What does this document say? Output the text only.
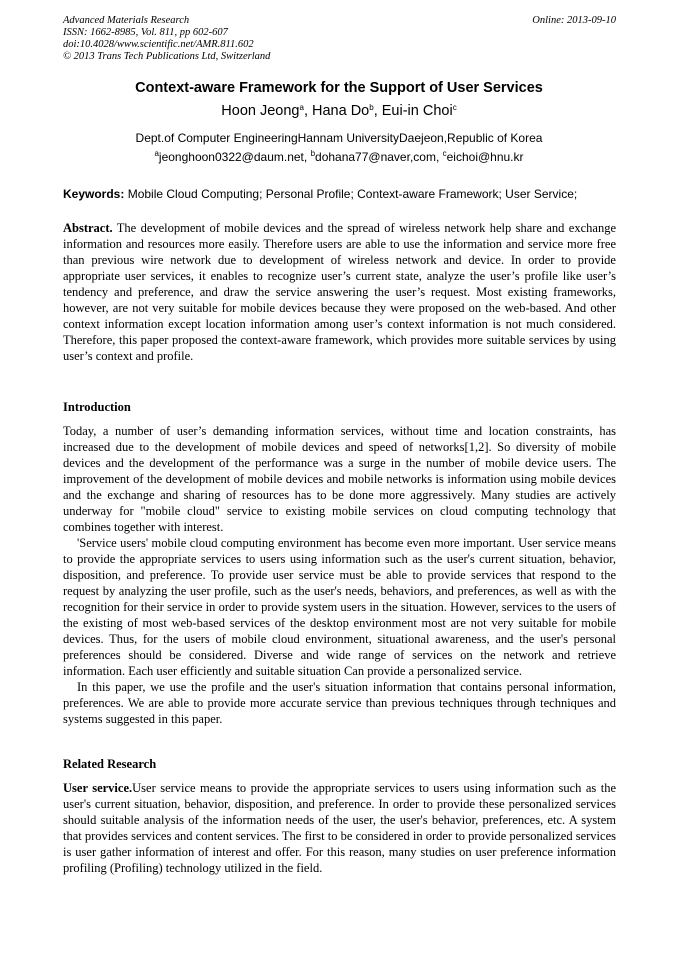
Advanced Materials Research
ISSN: 1662-8985, Vol. 811, pp 602-607
doi:10.4028/www.scientific.net/AMR.811.602
© 2013 Trans Tech Publications Ltd, Switzerland
Online: 2013-09-10
Context-aware Framework for the Support of User Services
Hoon Jeong$^a$, Hana Do$^b$, Eui-in Choi$^c$
Dept.of Computer EngineeringHannam UniversityDaejeon,Republic of Korea
$^a$jeonghoon0322@daum.net, $^b$dohana77@naver,com, $^c$eichoi@hnu.kr
Keywords: Mobile Cloud Computing; Personal Profile; Context-aware Framework; User Service;

Abstract. The development of mobile devices and the spread of wireless network help share and exchange information and resources more easily. Therefore users are able to use the information and service more free than previous wire network due to development of wireless network and device. In order to provide appropriate user services, it enables to recognize user’s current state, analyze the user’s profile like user’s tendency and preference, and draw the service answering the user’s request. Most existing frameworks, however, are not very suitable for mobile devices because they were proposed on the web-based. And other context information except location information among user’s context information is not much considered. Therefore, this paper proposed the context-aware framework, which provides more suitable services by using user’s context and profile.

Introduction

Today, a number of user’s demanding information services, without time and location constraints, has increased due to the development of mobile devices and speed of networks[1,2]. So diversity of mobile devices and the development of the performance was a surge in the number of mobile device users. The improvement of the development of mobile devices and mobile networks is information using mobile devices and the exchange and sharing of resources has to be done more aggressively. Many studies are actively underway for "mobile cloud" service to existing mobile services on cloud computing technology that combines together with interest.

'Service users' mobile cloud computing environment has become even more important. User service means to provide the appropriate services to users using information such as the user's current situation, behavior, disposition, and preference. To provide user service must be able to provide services that respond to the request by analyzing the user profile, such as the user's needs, behaviors, and preferences, as well as with the recognition for their service in order to provide system users in the situation. However, services to the users of the existing of most web-based services of the desktop environment most are not very suitable for mobile devices. Thus, for the users of mobile cloud environment, situational awareness, and the user's personal preferences should be considered. Diverse and wide range of services on the network and retrieve information. Each user efficiently and suitable situation Can provide a personalized service.

In this paper, we use the profile and the user's situation information that contains personal information, preferences. We are able to provide more accurate service than previous techniques through techniques and systems suggested in this paper.

Related Research

User service.User service means to provide the appropriate services to users using information such as the user's current situation, behavior, disposition, and preference. In order to provide these personalized services should suitable analysis of the information needs of the user, the user's behavior, preferences, etc. A system that provides services and content services. The first to be considered in order to provide personalized services is user gather information of interest and offer. For this reason, many studies on user preference information profiling (Profiling) technology utilized in the field.
